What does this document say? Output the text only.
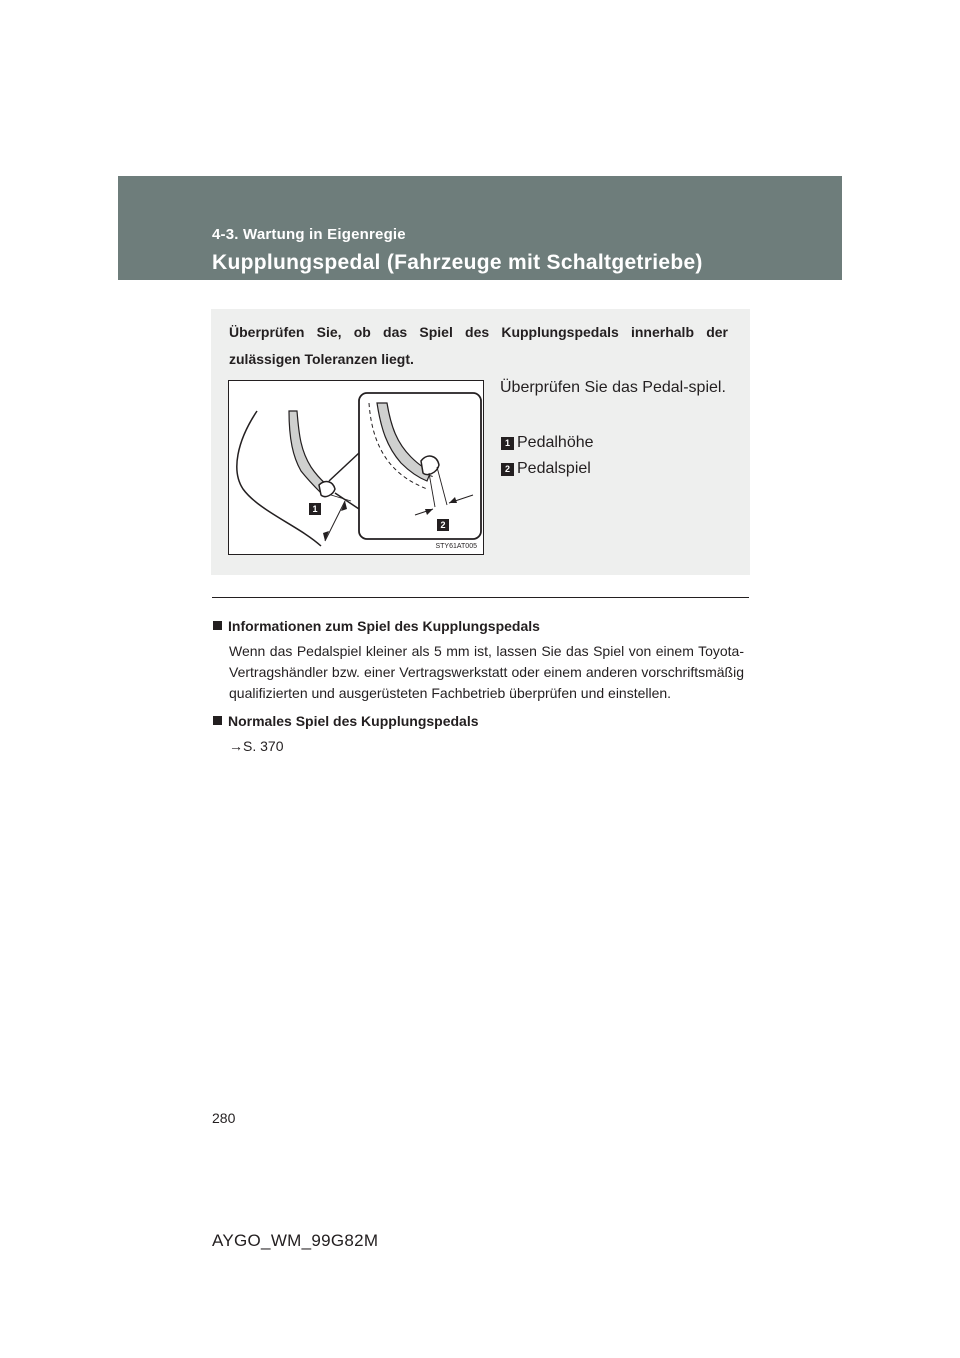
4-3. Wartung in Eigenregie
Kupplungspedal (Fahrzeuge mit Schaltgetriebe)
Überprüfen Sie, ob das Spiel des Kupplungspedals innerhalb der zulässigen Toleranzen liegt.
1
2
STY61AT005
Überprüfen Sie das Pedal-spiel.
1 Pedalhöhe
2 Pedalspiel
Informationen zum Spiel des Kupplungspedals
Wenn das Pedalspiel kleiner als 5 mm ist, lassen Sie das Spiel von einem Toyota-Vertragshändler bzw. einer Vertragswerkstatt oder einem anderen vorschriftsmäßig qualifizierten und ausgerüsteten Fachbetrieb überprüfen und einstellen.
Normales Spiel des Kupplungspedals
→S. 370
280
AYGO_WM_99G82M
